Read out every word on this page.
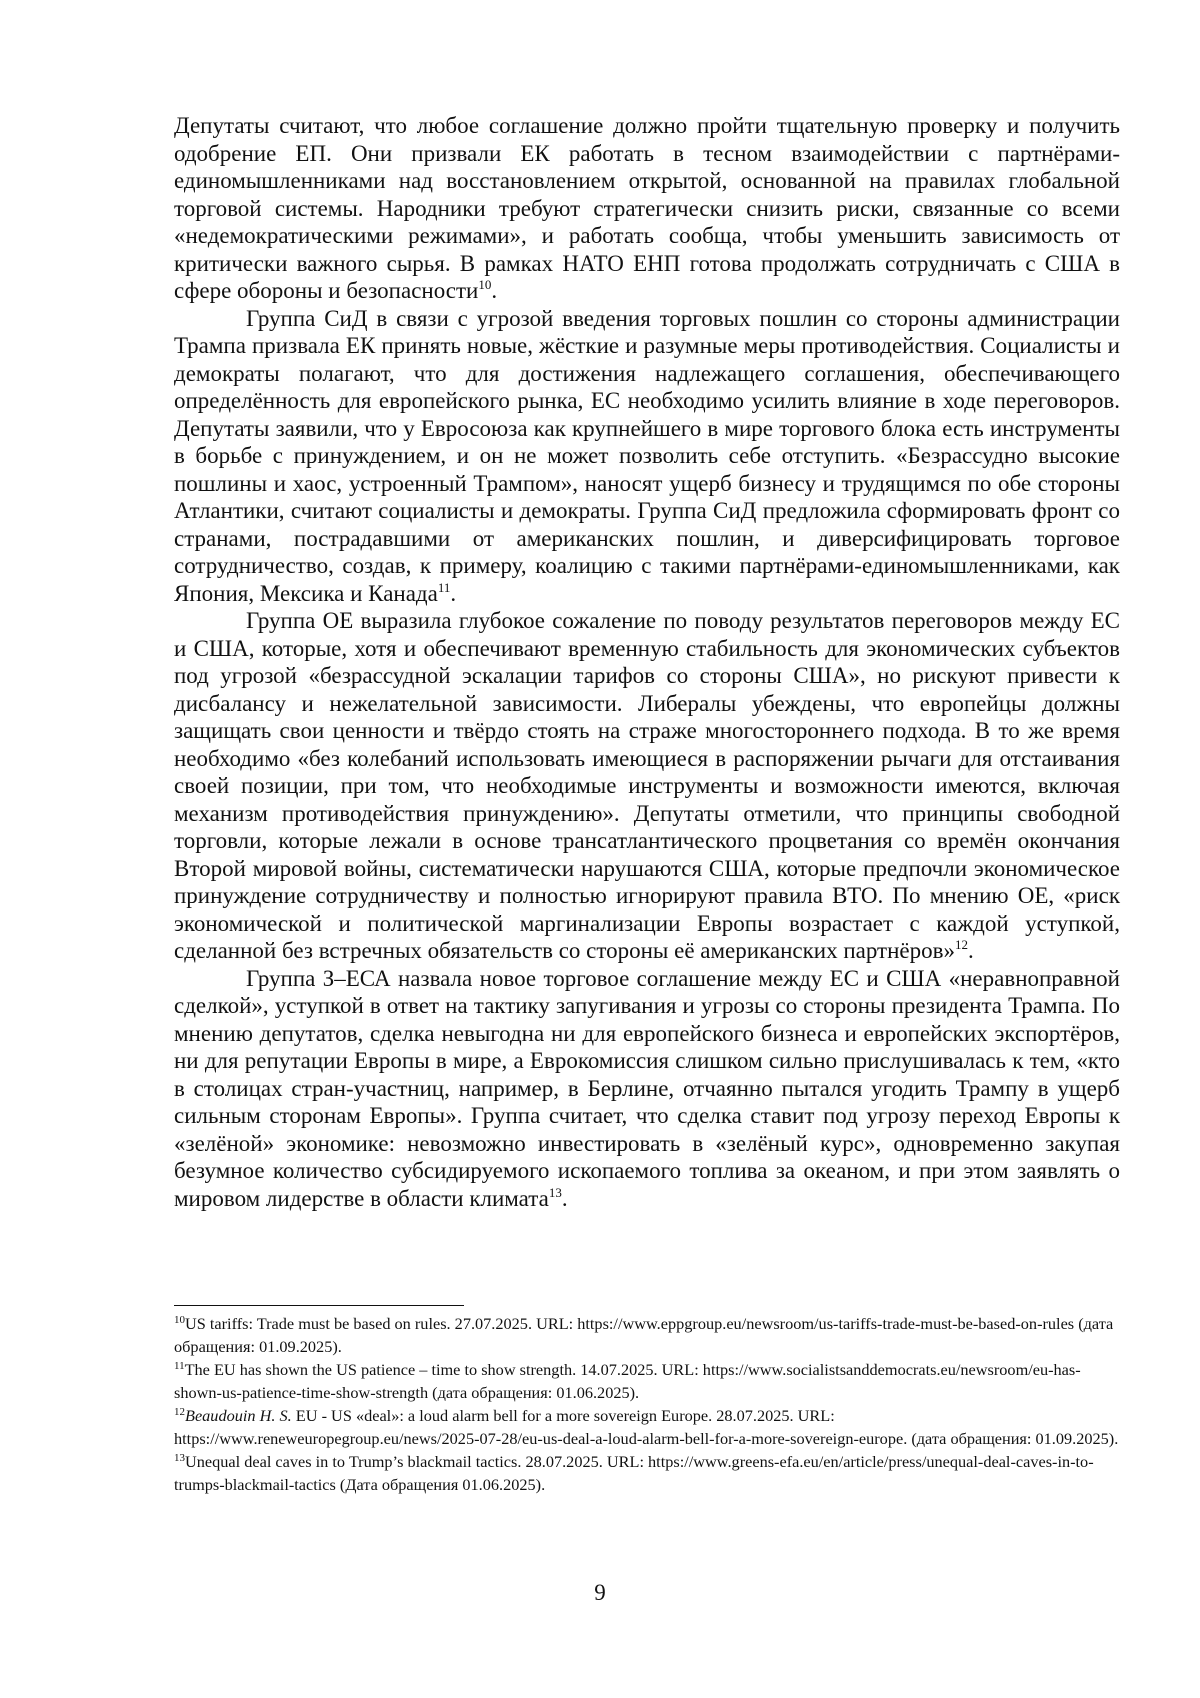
Депутаты считают, что любое соглашение должно пройти тщательную проверку и получить одобрение ЕП. Они призвали ЕК работать в тесном взаимодействии с партнёрами-единомышленниками над восстановлением открытой, основанной на правилах глобальной торговой системы. Народники требуют стратегически снизить риски, связанные со всеми «недемократическими режимами», и работать сообща, чтобы уменьшить зависимость от критически важного сырья. В рамках НАТО ЕНП готова продолжать сотрудничать с США в сфере обороны и безопасности$^{10}$.

Группа СиД в связи с угрозой введения торговых пошлин со стороны администрации Трампа призвала ЕК принять новые, жёсткие и разумные меры противодействия. Социалисты и демократы полагают, что для достижения надлежащего соглашения, обеспечивающего определённость для европейского рынка, ЕС необходимо усилить влияние в ходе переговоров. Депутаты заявили, что у Евросоюза как крупнейшего в мире торгового блока есть инструменты в борьбе с принуждением, и он не может позволить себе отступить. «Безрассудно высокие пошлины и хаос, устроенный Трампом», наносят ущерб бизнесу и трудящимся по обе стороны Атлантики, считают социалисты и демократы. Группа СиД предложила сформировать фронт со странами, пострадавшими от американских пошлин, и диверсифицировать торговое сотрудничество, создав, к примеру, коалицию с такими партнёрами-единомышленниками, как Япония, Мексика и Канада$^{11}$.

Группа ОЕ выразила глубокое сожаление по поводу результатов переговоров между ЕС и США, которые, хотя и обеспечивают временную стабильность для экономических субъектов под угрозой «безрассудной эскалации тарифов со стороны США», но рискуют привести к дисбалансу и нежелательной зависимости. Либералы убеждены, что европейцы должны защищать свои ценности и твёрдо стоять на страже многостороннего подхода. В то же время необходимо «без колебаний использовать имеющиеся в распоряжении рычаги для отстаивания своей позиции, при том, что необходимые инструменты и возможности имеются, включая механизм противодействия принуждению». Депутаты отметили, что принципы свободной торговли, которые лежали в основе трансатлантического процветания со времён окончания Второй мировой войны, систематически нарушаются США, которые предпочли экономическое принуждение сотрудничеству и полностью игнорируют правила ВТО. По мнению ОЕ, «риск экономической и политической маргинализации Европы возрастает с каждой уступкой, сделанной без встречных обязательств со стороны её американских партнёров»$^{12}$.

Группа З–ЕСА назвала новое торговое соглашение между ЕС и США «неравноправной сделкой», уступкой в ответ на тактику запугивания и угрозы со стороны президента Трампа. По мнению депутатов, сделка невыгодна ни для европейского бизнеса и европейских экспортёров, ни для репутации Европы в мире, а Еврокомиссия слишком сильно прислушивалась к тем, «кто в столицах стран-участниц, например, в Берлине, отчаянно пытался угодить Трампу в ущерб сильным сторонам Европы». Группа считает, что сделка ставит под угрозу переход Европы к «зелёной» экономике: невозможно инвестировать в «зелёный курс», одновременно закупая безумное количество субсидируемого ископаемого топлива за океаном, и при этом заявлять о мировом лидерстве в области климата$^{13}$.

$^{10}$US tariffs: Trade must be based on rules. 27.07.2025. URL: https://www.eppgroup.eu/newsroom/us-tariffs-trade-must-be-based-on-rules (дата обращения: 01.09.2025).

$^{11}$The EU has shown the US patience – time to show strength. 14.07.2025. URL: https://www.socialistsanddemocrats.eu/newsroom/eu-has-shown-us-patience-time-show-strength (дата обращения: 01.06.2025).

$^{12}$Beaudouin H. S. EU - US «deal»: a loud alarm bell for a more sovereign Europe. 28.07.2025. URL: https://www.reneweuropegroup.eu/news/2025-07-28/eu-us-deal-a-loud-alarm-bell-for-a-more-sovereign-europe. (дата обращения: 01.09.2025).

$^{13}$Unequal deal caves in to Trump’s blackmail tactics. 28.07.2025. URL: https://www.greens-efa.eu/en/article/press/unequal-deal-caves-in-to-trumps-blackmail-tactics (Дата обращения 01.06.2025).

9
